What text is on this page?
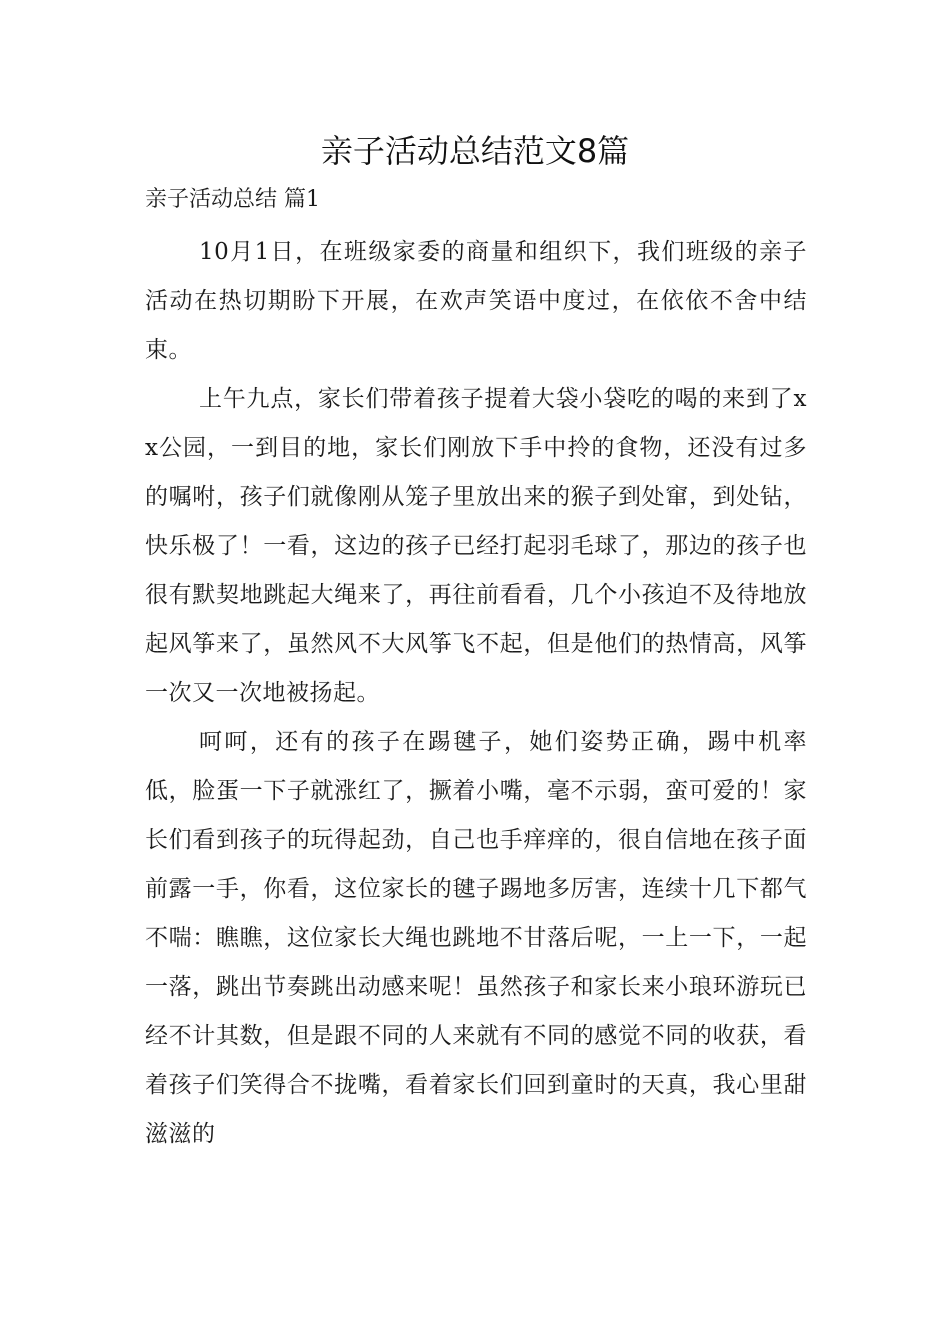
亲子活动总结范文8篇
亲子活动总结 篇1

10月1日，在班级家委的商量和组织下，我们班级的亲子活动在热切期盼下开展，在欢声笑语中度过，在依依不舍中结束。

上午九点，家长们带着孩子提着大袋小袋吃的喝的来到了xx公园，一到目的地，家长们刚放下手中拎的食物，还没有过多的嘱咐，孩子们就像刚从笼子里放出来的猴子到处窜，到处钻，快乐极了！一看，这边的孩子已经打起羽毛球了，那边的孩子也很有默契地跳起大绳来了，再往前看看，几个小孩迫不及待地放起风筝来了，虽然风不大风筝飞不起，但是他们的热情高，风筝一次又一次地被扬起。

呵呵，还有的孩子在踢毽子，她们姿势正确，踢中机率低，脸蛋一下子就涨红了，撅着小嘴，毫不示弱，蛮可爱的！家长们看到孩子的玩得起劲，自己也手痒痒的，很自信地在孩子面前露一手，你看，这位家长的毽子踢地多厉害，连续十几下都气不喘：瞧瞧，这位家长大绳也跳地不甘落后呢，一上一下，一起一落，跳出节奏跳出动感来呢！虽然孩子和家长来小琅环游玩已经不计其数，但是跟不同的人来就有不同的感觉不同的收获，看着孩子们笑得合不拢嘴，看着家长们回到童时的天真，我心里甜滋滋的
